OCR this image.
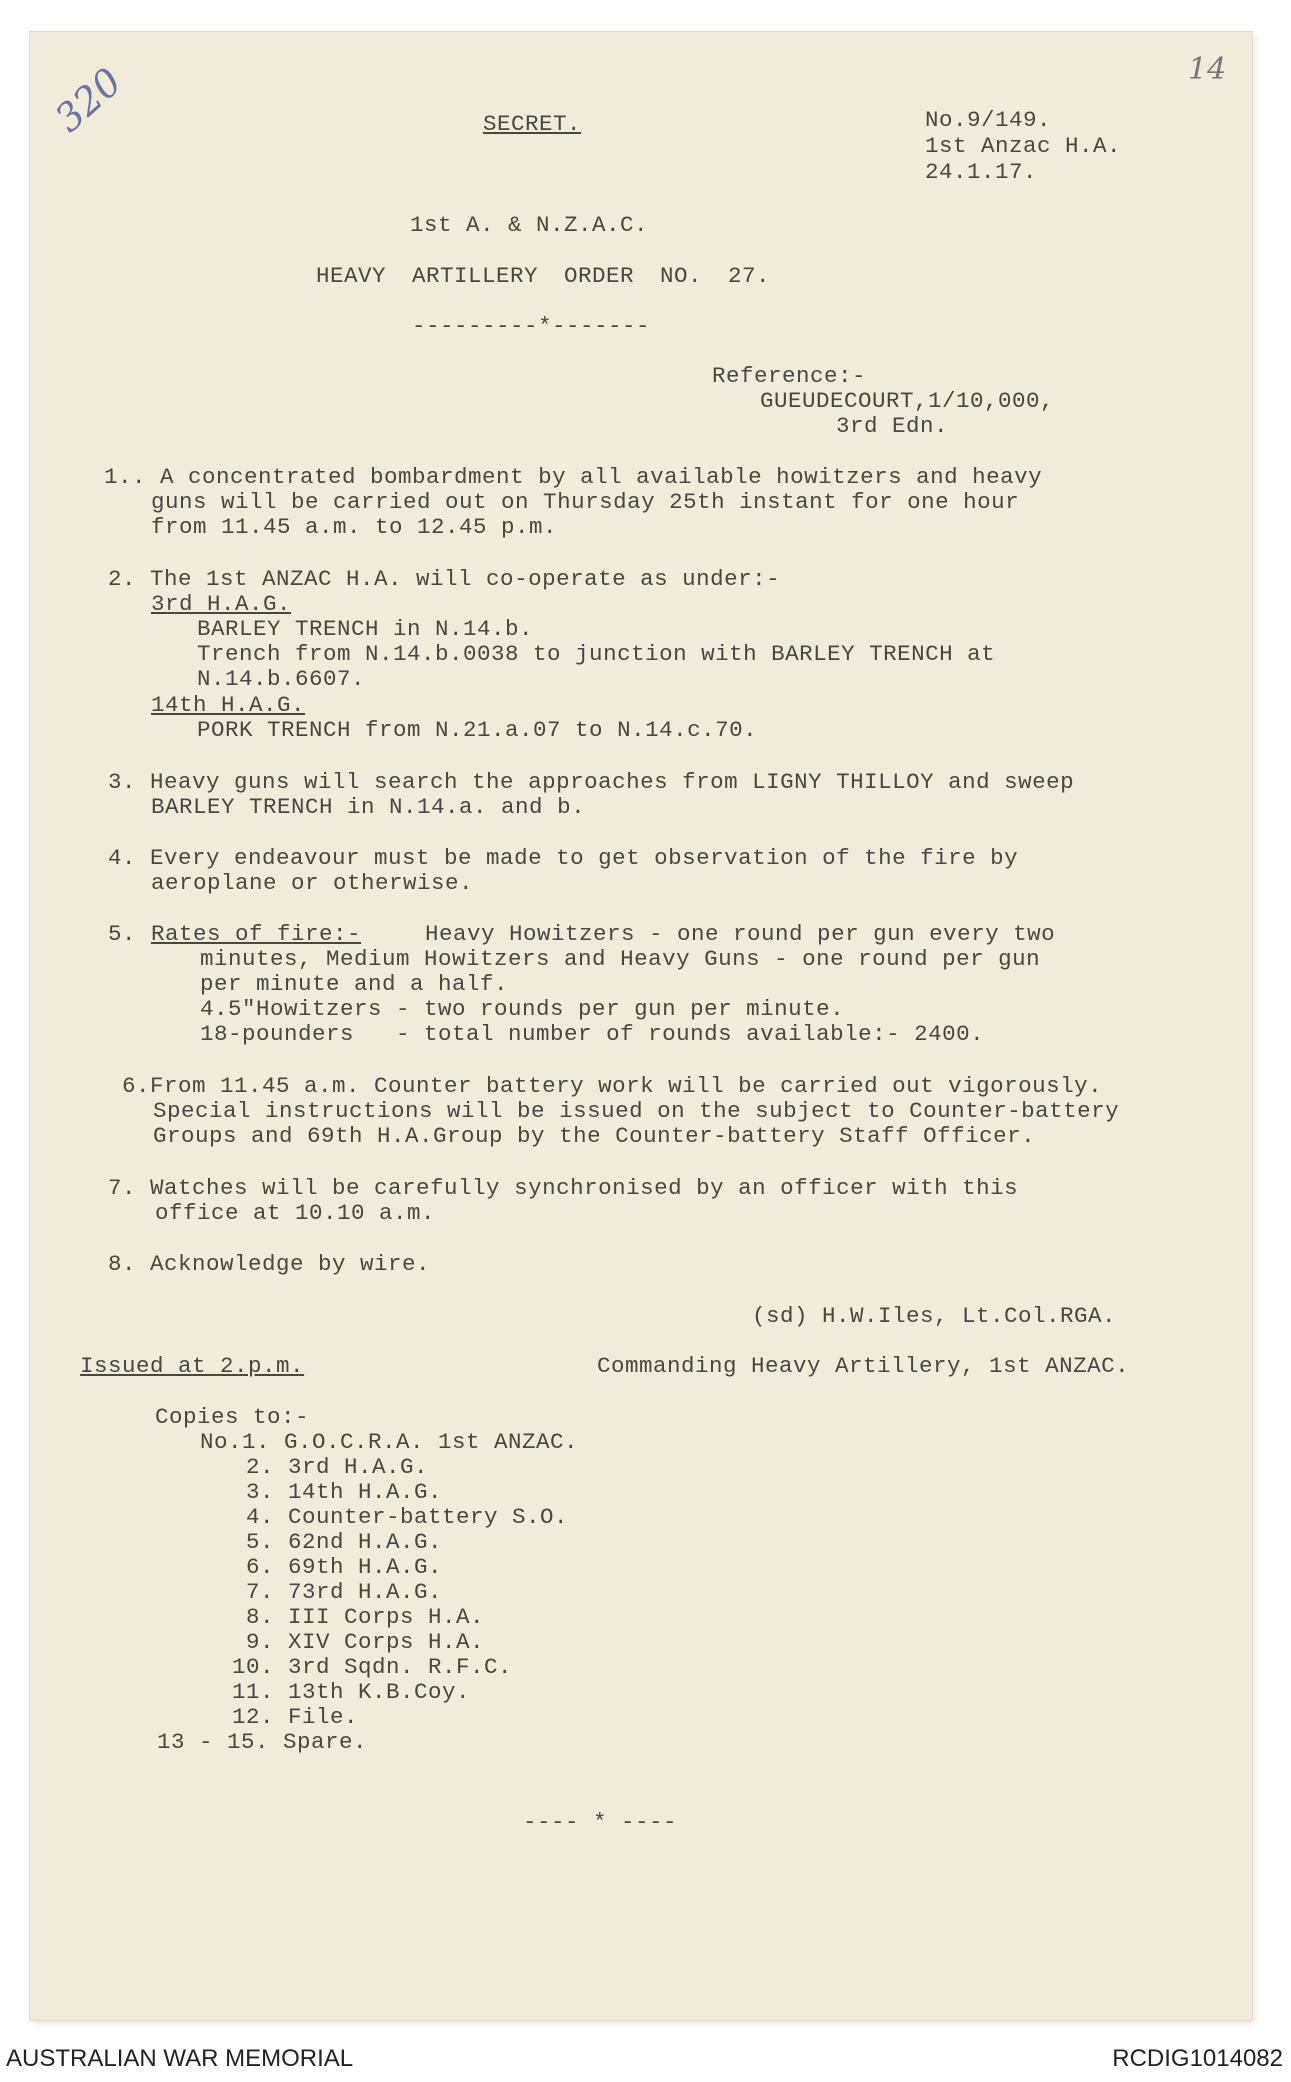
320	14
SECRET.	No.9/149.
1st Anzac H.A.
24.1.17.
1st A. & N.Z.A.C.
HEAVY ARTILLERY ORDER NO. 27.
---------*-------
Reference:-
GUEUDECOURT,1/10,000,
3rd Edn.
1.. A concentrated bombardment by all available howitzers and heavy
guns will be carried out on Thursday 25th instant for one hour
from 11.45 a.m. to 12.45 p.m.
2. The 1st ANZAC H.A. will co-operate as under:-
3rd H.A.G.
BARLEY TRENCH in N.14.b.
Trench from N.14.b.0038 to junction with BARLEY TRENCH at
N.14.b.6607.
14th H.A.G.
PORK TRENCH from N.21.a.07 to N.14.c.70.
3. Heavy guns will search the approaches from LIGNY THILLOY and sweep
BARLEY TRENCH in N.14.a. and b.
4. Every endeavour must be made to get observation of the fire by
aeroplane or otherwise.
5. Rates of fire:-	Heavy Howitzers - one round per gun every two
minutes, Medium Howitzers and Heavy Guns - one round per gun
per minute and a half.
4.5"Howitzers - two rounds per gun per minute.
18-pounders   - total number of rounds available:- 2400.
6.From 11.45 a.m. Counter battery work will be carried out vigorously.
Special instructions will be issued on the subject to Counter-battery
Groups and 69th H.A.Group by the Counter-battery Staff Officer.
7. Watches will be carefully synchronised by an officer with this
office at 10.10 a.m.
8. Acknowledge by wire.
(sd) H.W.Iles, Lt.Col.RGA.
Issued at 2.p.m.	Commanding Heavy Artillery, 1st ANZAC.
Copies to:-
No.1. G.O.C.R.A. 1st ANZAC.
2. 3rd H.A.G.
3. 14th H.A.G.
4. Counter-battery S.O.
5. 62nd H.A.G.
6. 69th H.A.G.
7. 73rd H.A.G.
8. III Corps H.A.
9. XIV Corps H.A.
10. 3rd Sqdn. R.F.C.
11. 13th K.B.Coy.
12. File.
13 - 15. Spare.
---- * ----
AUSTRALIAN WAR MEMORIAL	RCDIG1014082
